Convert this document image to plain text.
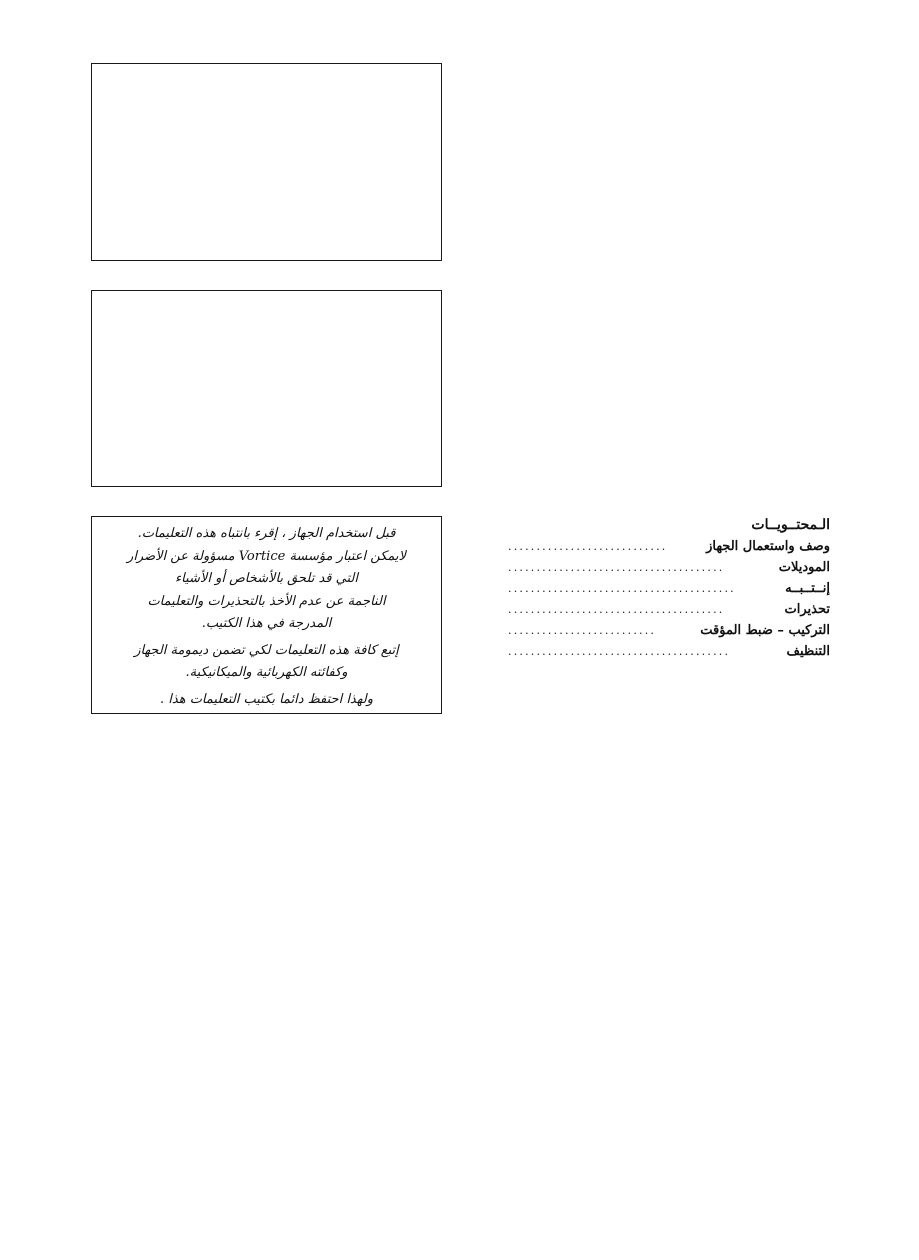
قبل استخدام الجهاز ، إقرء بانتباه هذه التعليمات.
لايمكن اعتبار مؤسسة Vortice مسؤولة عن الأضرار
التي قد تلحق بالأشخاص أو الأشياء
الناجمة عن عدم الأخذ بالتحذيرات والتعليمات
المدرجة في هذا الكتيب.

إتبع كافة هذه التعليمات لكي تضمن ديمومة الجهاز
وكفائته الكهربائية والميكانيكية.

ولهذا احتفظ دائما بكتيب التعليمات هذا .

الـمحتــويــات
وصف واستعمال الجهاز
............................
الموديلات
......................................
إنــتــبــه
........................................
تحذيرات
......................................
التركيب – ضبط المؤقت
..........................
التنظيف
.......................................
